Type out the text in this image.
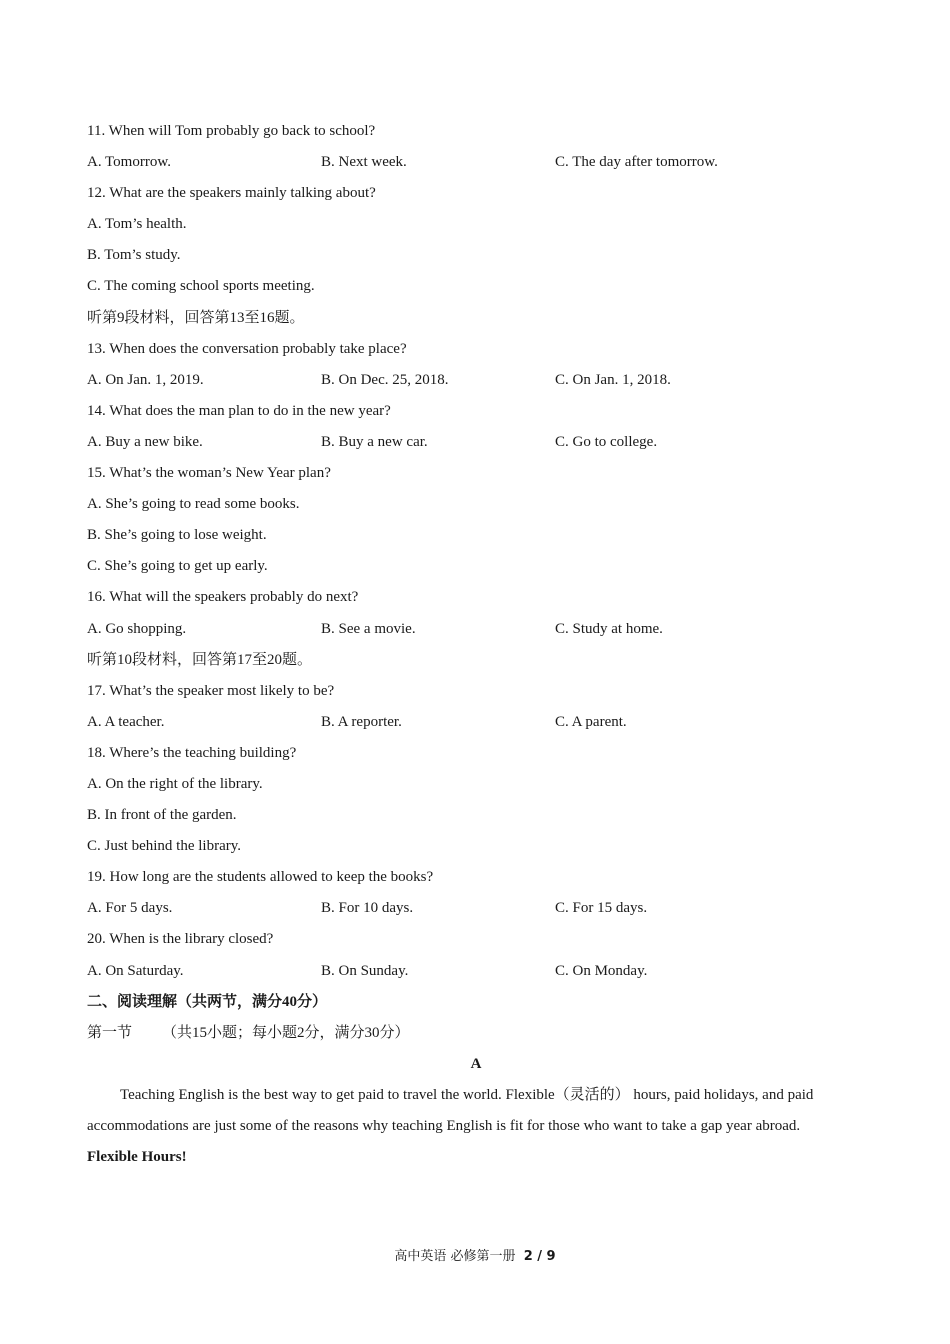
11. When will Tom probably go back to school?
A. Tomorrow.	B. Next week.	C. The day after tomorrow.
12. What are the speakers mainly talking about?
A. Tom’s health.
B. Tom’s study.
C. The coming school sports meeting.
听第9段材料，回答第13至16题。
13. When does the conversation probably take place?
A. On Jan. 1, 2019.	B. On Dec. 25, 2018.	C. On Jan. 1, 2018.
14. What does the man plan to do in the new year?
A. Buy a new bike.	B. Buy a new car.	C. Go to college.
15. What’s the woman’s New Year plan?
A. She’s going to read some books.
B. She’s going to lose weight.
C. She’s going to get up early.
16. What will the speakers probably do next?
A. Go shopping.	B. See a movie.	C. Study at home.
听第10段材料，回答第17至20题。
17. What’s the speaker most likely to be?
A. A teacher.	B. A reporter.	C. A parent.
18. Where’s the teaching building?
A. On the right of the library.
B. In front of the garden.
C. Just behind the library.
19. How long are the students allowed to keep the books?
A. For 5 days.	B. For 10 days.	C. For 15 days.
20. When is the library closed?
A. On Saturday.	B. On Sunday.	C. On Monday.
二、阅读理解（共两节，满分40分）
第一节 （共15小题；每小题2分，满分30分）
A
Teaching English is the best way to get paid to travel the world. Flexible（灵活的） hours, paid holidays, and paid accommodations are just some of the reasons why teaching English is fit for those who want to take a gap year abroad.
Flexible Hours!
高中英语 必修第一册 2 / 9
